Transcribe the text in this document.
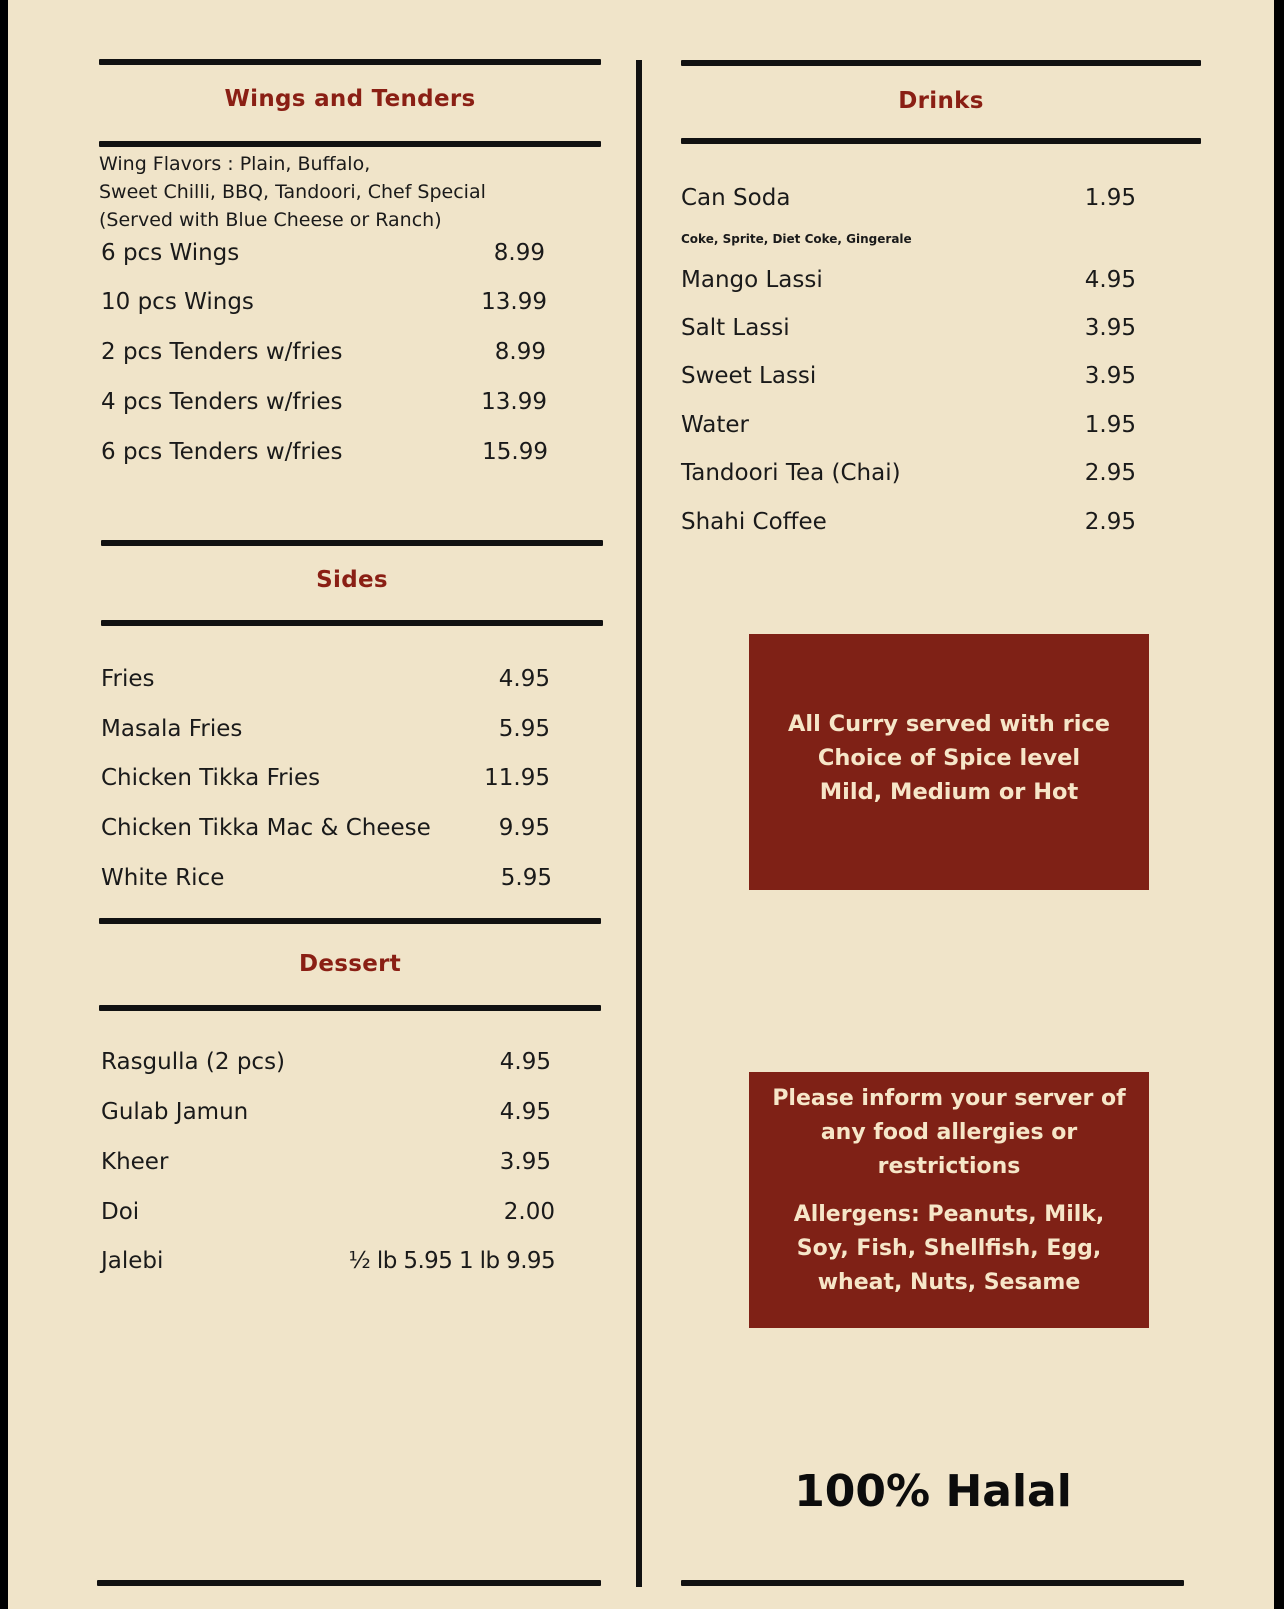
Wings and Tenders
Wing Flavors : Plain, Buffalo,
Sweet Chilli, BBQ, Tandoori, Chef Special
(Served with Blue Cheese or Ranch)
6 pcs Wings	8.99
10 pcs Wings	13.99
2 pcs Tenders w/fries	8.99
4 pcs Tenders w/fries	13.99
6 pcs Tenders w/fries	15.99
Sides
Fries	4.95
Masala Fries	5.95
Chicken Tikka Fries	11.95
Chicken Tikka Mac & Cheese	9.95
White Rice	5.95
Dessert
Rasgulla (2 pcs)	4.95
Gulab Jamun	4.95
Kheer	3.95
Doi	2.00
Jalebi	½ lb 5.95 1 lb 9.95
Drinks
Can Soda	1.95
Coke, Sprite, Diet Coke, Gingerale
Mango Lassi	4.95
Salt Lassi	3.95
Sweet Lassi	3.95
Water	1.95
Tandoori Tea (Chai)	2.95
Shahi Coffee	2.95

All Curry served with rice

Choice of Spice level

Mild, Medium or Hot

Please inform your server of

any food allergies or

restrictions

Allergens: Peanuts, Milk,

Soy, Fish, Shellfish, Egg,

wheat, Nuts, Sesame

100% Halal
